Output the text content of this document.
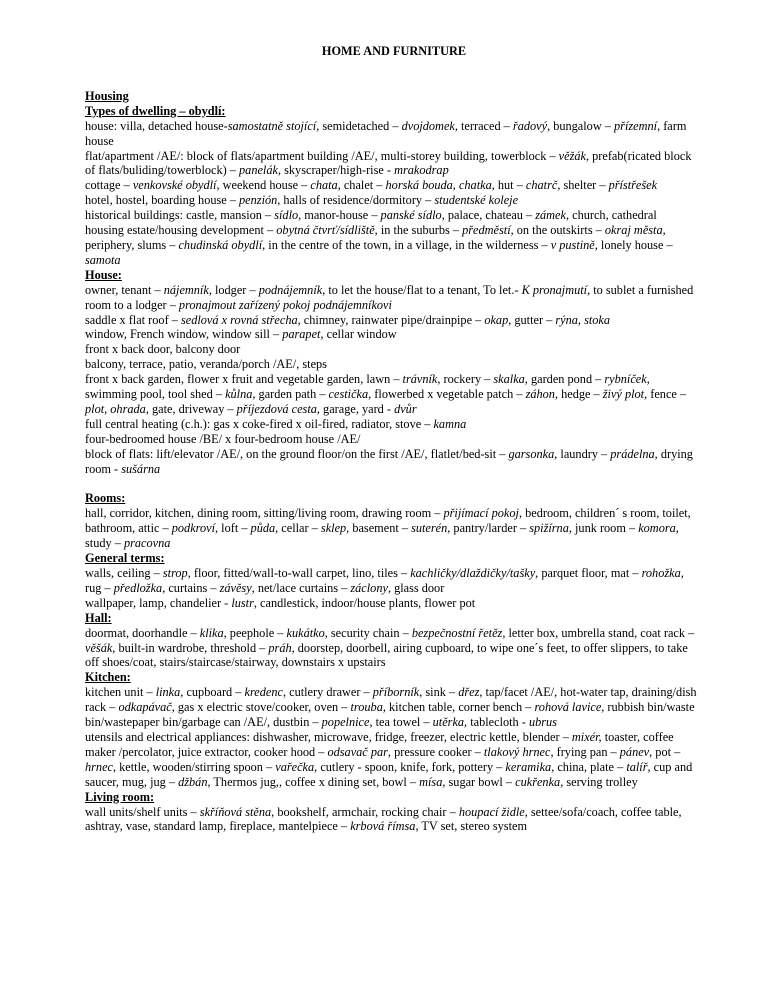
HOME AND FURNITURE
Housing
Types of dwelling – obydlí:

house: villa, detached house-samostatně stojící, semidetached – dvojdomek, terraced – řadový, bungalow – přízemní, farm house

flat/apartment /AE/: block of flats/apartment building /AE/, multi-storey building, towerblock – věžák, prefab(ricated block of flats/buliding/towerblock) – panelák, skyscraper/high-rise - mrakodrap

cottage – venkovské obydlí, weekend house – chata, chalet – horská bouda, chatka, hut – chatrč, shelter – přístřešek

hotel, hostel, boarding house – penzión, halls of residence/dormitory – studentské koleje

historical buildings: castle, mansion – sídlo, manor-house – panské sídlo, palace, chateau – zámek, church, cathedral

housing estate/housing development – obytná čtvrť/sídliště, in the suburbs – předměstí, on the outskirts – okraj města, periphery, slums – chudinská obydlí, in the centre of the town, in a village, in the wilderness – v pustině, lonely house – samota

House:

owner, tenant – nájemník, lodger – podnájemník, to let the house/flat to a tenant, To let.- K pronajmutí, to sublet a furnished room to a lodger – pronajmout zařízený pokoj podnájemníkovi

saddle x flat roof – sedlová x rovná střecha, chimney, rainwater pipe/drainpipe – okap, gutter – rýna, stoka

window, French window, window sill – parapet, cellar window

front x back door, balcony door

balcony, terrace, patio, veranda/porch /AE/, steps

front x back garden, flower x fruit and vegetable garden, lawn – trávník, rockery – skalka, garden pond – rybníček, swimming pool, tool shed – kůlna, garden path – cestička, flowerbed x vegetable patch – záhon, hedge – živý plot, fence – plot, ohrada, gate, driveway – příjezdová cesta, garage, yard - dvůr

full central heating (c.h.): gas x coke-fired x oil-fired, radiator, stove – kamna

four-bedroomed house /BE/ x four-bedroom house /AE/

block of flats: lift/elevator /AE/, on the ground floor/on the first /AE/, flatlet/bed-sit – garsonka, laundry – prádelna, drying room - sušárna

Rooms:

hall, corridor, kitchen, dining room, sitting/living room, drawing room – přijímací pokoj, bedroom, children´ s room, toilet, bathroom, attic – podkroví, loft – půda, cellar – sklep, basement – suterén, pantry/larder – spižírna, junk room – komora, study – pracovna

General terms:

walls, ceiling – strop, floor, fitted/wall-to-wall carpet, lino, tiles – kachličky/dlaždičky/tašky, parquet floor, mat – rohožka, rug – předložka, curtains – závěsy, net/lace curtains – záclony, glass door

wallpaper, lamp, chandelier - lustr, candlestick, indoor/house plants, flower pot

Hall:

doormat, doorhandle – klika, peephole – kukátko, security chain – bezpečnostní řetěz, letter box, umbrella stand, coat rack – věšák, built-in wardrobe, threshold – práh, doorstep, doorbell, airing cupboard, to wipe one´s feet, to offer slippers, to take off shoes/coat, stairs/staircase/stairway, downstairs x upstairs

Kitchen:

kitchen unit – linka, cupboard – kredenc, cutlery drawer – příborník, sink – dřez, tap/facet /AE/, hot-water tap, draining/dish rack – odkapávač, gas x electric stove/cooker, oven – trouba, kitchen table, corner bench – rohová lavice, rubbish bin/waste bin/wastepaper bin/garbage can /AE/, dustbin – popelnice, tea towel – utěrka, tablecloth - ubrus

utensils and electrical appliances: dishwasher, microwave, fridge, freezer, electric kettle, blender – mixér, toaster, coffee maker /percolator, juice extractor, cooker hood – odsavač par, pressure cooker – tlakový hrnec, frying pan – pánev, pot – hrnec, kettle, wooden/stirring spoon – vařečka, cutlery - spoon, knife, fork, pottery – keramika, china, plate – talíř, cup and saucer, mug, jug – džbán, Thermos jug,, coffee x dining set, bowl – mísa, sugar bowl – cukřenka, serving trolley

Living room:

wall units/shelf units – skříňová stěna, bookshelf, armchair, rocking chair – houpací židle, settee/sofa/coach, coffee table, ashtray, vase, standard lamp, fireplace, mantelpiece – krbová římsa, TV set, stereo system
